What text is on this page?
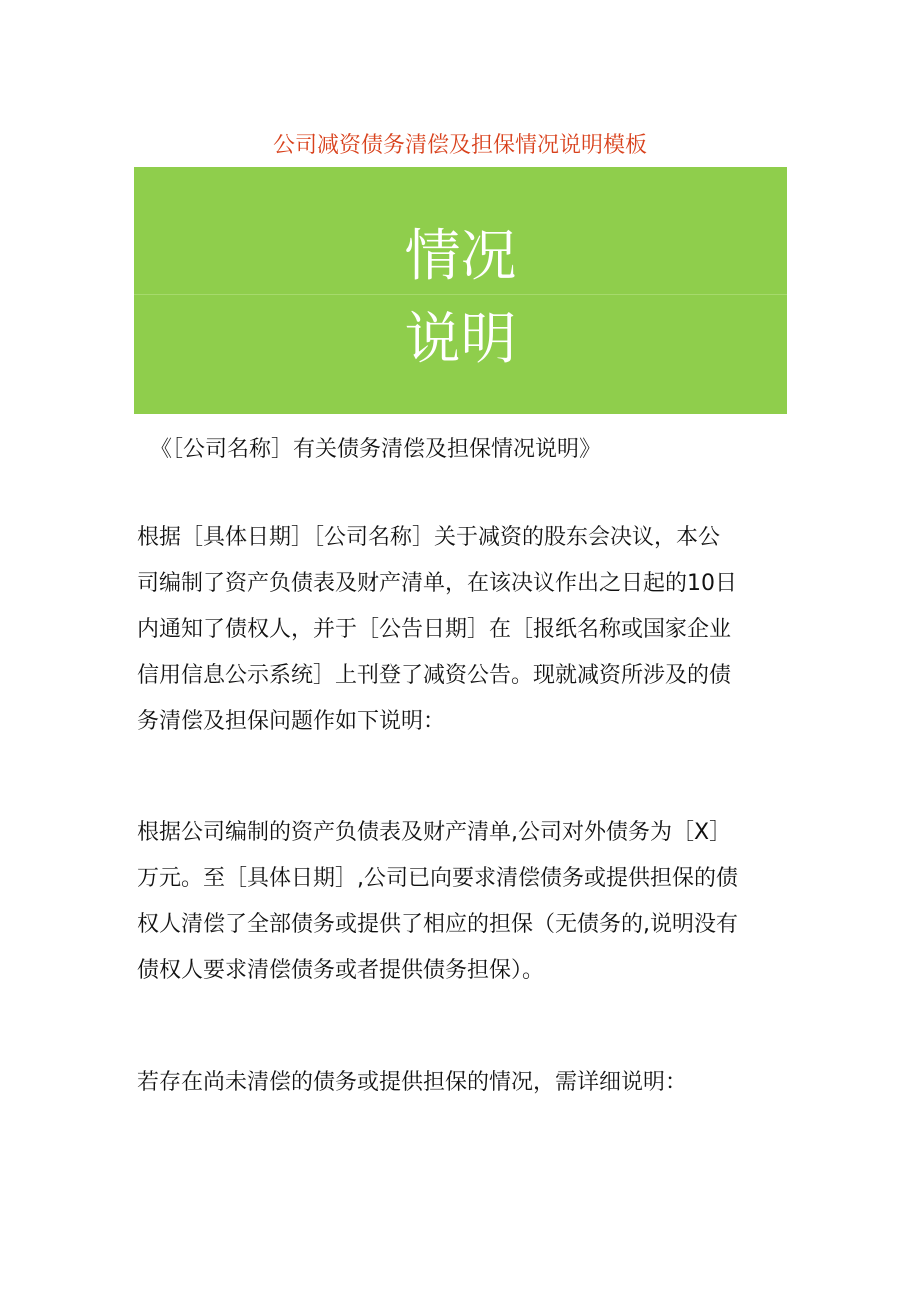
公司减资债务清偿及担保情况说明模板
情况
说明
《［公司名称］有关债务清偿及担保情况说明》

根据［具体日期］［公司名称］关于减资的股东会决议，本公
司编制了资产负债表及财产清单，在该决议作出之日起的10日
内通知了债权人，并于［公告日期］在［报纸名称或国家企业
信用信息公示系统］上刊登了减资公告。现就减资所涉及的债
务清偿及担保问题作如下说明：

根据公司编制的资产负债表及财产清单,公司对外债务为［X］
万元。至［具体日期］,公司已向要求清偿债务或提供担保的债
权人清偿了全部债务或提供了相应的担保（无债务的,说明没有
债权人要求清偿债务或者提供债务担保）。

若存在尚未清偿的债务或提供担保的情况，需详细说明：
